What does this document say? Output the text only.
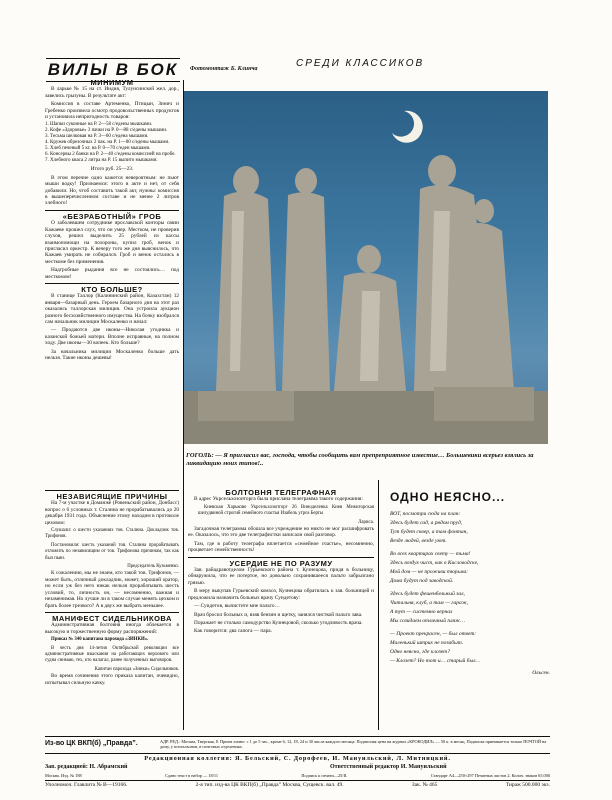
ВИЛЫ В БОК Фотомонтаж Б. Клинча	СРЕДИ КЛАССИКОВ
МИНИМУМ

В ларьке № 15 на ст. Индия, Тулунсинской жел. дор., завелись грызуны. В результате акт:

Комиссия в составе Артеменко, Птицын, Зинич и Гребенко произвела осмотр продовольственных продуктов и установила непригодность товаров:

1. Шапки суконные на Р. 2—58 с/едены мышками.
2. Кофе «Здоровье» 3 пачки на Р. 0—88 с/едены мышами.
3. Тесьма шелковая на Р. 3—60 с/едена мышами.
4. Кружев обрезочных 2 пак. на Р. 1—00 с/едены мышами.
5. Хлеб печеный 5 кг. на Р. 0—70 с/еден мышами.
6. Консервы 2 банки на Р. 2—40 с/едены комиссией на пробе.
7. Хлебного кваса 2 литра на Р. 15 выпито мышками.
Итого руб. 25—23.

В этом перечне одно кажется невероятным: не пьют мыши водку! Признаемся: этого в акте и нет, от себя добавили. Но, чтоб составить такой акт, нужны: комиссия в вышеперечисленном составе и не менее 2 литров хлебного!

«БЕЗРАБОТНЫЙ» ГРОБ

О заболевшем сотруднике ярославской конторы связи Кажаеве прошел слух, что он умер. Местком, не проверив слухов, решил выделить 25 рублей из кассы взаимопомощи на похороны, купил гроб, венок и пригласил оркестр. К вечеру того же дня выяснилось, что Кажаев умирать не собирался. Гроб и венок остались в месткоме без применения.

Надгробные рыдания все не состоялись… под месткомом!

КТО БОЛЬШЕ?

В станице Таллор (Калининский район, Казахстан) 12 января—базарный день. Героем базарного дня на этот раз оказались таллорская милиция. Она устроила аукцион разного бесхозяйственного имущества. На бочку взобрался сам начальник милиции Москаленко и начал:

— Продаются две иконы—Николая угодника и казанской божьей матери. Вполне исправные, на полном ходу. Две иконы—30 копеек. Кто больше?

За начальника милиции Москаленко больше дать нельзя. Такие иконы дешевы!

ГОГОЛЬ: — Я пригласил вас, господа, чтобы сообщить вам препреприятное известие… Большевики всерьез взялись за ликвидацию моих типов!..
НЕЗАВИСЯЩИЕ ПРИЧИНЫ

На 7-м участке в Доманже (Ровеньский район, Донбасс) вопрос о 6 условных т. Сталина не прорабатывались до 20 декабря 1931 года. Объяснение этому находим в протоколе цеховом:

Слушали: о шести указаниях тов. Сталина. Докладчик тов. Трифонов.

Постановили: шесть указаний тов. Сталина прорабатывать отложить по независящим от тов. Трифонова причинам, так как был пьян.

Председатель Кузьменко.

К сожалению, мы не знаем, кто такой тов. Трифонов, — может быть, отличный докладчик, может, хороший оратор, но если уж без него никак нельзя прорабатывать шесть условий, то, личность он, — несомненно, важная и незаменимая. Но лучше ли в таком случае менять цехком и брать более трезвого? А в двух же выбрать меньшее.

МАНИФЕСТ СИДЕЛЬНИКОВА

Административная болтовня иногда облекается в высокую и торжественную форму распоряжений:

Приказ № 340 капитана парохода «ЗИНКИ».

В честь дня 14-летия Октябрьской революции все административные взыскания на работающих верхового или судна снимаю, тех, кто налагал, ранее полученных выговоров.

Капитан парохода «Зинки» Сидельников.

Во время сочинения этого приказа капитан, очевидно, испытывал сильную качку.

БОЛТОВНЯ ТЕЛЕГРАФНАЯ

В адрес Укрсельхозопторга была прислана телеграмма такого содержания:

Киевская Харьково Укрсельхозопторг 26 Виноделенка Киев Межигорская шелудвиной строгий семейного счастья Изабель угроз Берты

Лариса.

Загадочная телеграмма обошла все учреждение но никто не мог расшифровать ее. Оказалось, что это две телеграфистки записали свой разговор.

Там, где в работу телеграфа вплетается «семейное счастье», несомненно, процветает семейственность!

УСЕРДИЕ НЕ ПО РАЗУМУ

Зав. райадравотделом Гурьевского района т. Кузнецова, придя в больницу, обнаружила, что ее потертое, но довольно сохранившееся пальто забрызгано грязью.

В меру выкупав Гурьевский комхоз, Кузнецова обратилась к зав. больницей и предложила назначить больных врачу Сундетову:

— Суидетов, вычистите мне пальто…

Врач бросил больных и, взяв бензин и щетку, занялся чисткой пальто зава.

Поражает не столько самодурство Кузнецовой, сколько угодливость врача.

Как говорится: два сапога — пара.

ОДНО НЕЯСНО...
ВОТ, посмотри сюда на план:
Здесь будет сад, а рядом пруд,
Тут будет сквер, а там фонтан,
Везде людей, везде уют.
Во всех квартирах свету — тьма!
Здесь воздух чист, как в Кисловодске,
Мой дом — не проживи тюрьма:
Дома будут под заводской.
Здесь будет фешенбельный зал,
Читальня, клуб, а там — гараж,
А тут — системно вернал
Мы созидаем отличный пляж…
— Проект прекрасен, — был ответ:
Маленький штрих не позабыт.
Одно неясно, где клозет?
— Клозет? Но тот и… старый был…
Ольсен.
Из-во ЦК ВКП(б) „Правда”.	АДР. РЕД.: Москва, Тверская, 8. Прием лично: с 1 до 5 час., кроме 6, 12, 18, 24 и 30 числа каждого месяца. Подписная цена на журнал «КРОКОДИЛ» — 50 к. в месяц. Подписка принимается только ПОЧТОЙ на дому, у почтальонов, в почтовых отделениях.
Редакционная коллегия: Я. Бельский, С. Дорофеев, И. Мануильский, Л. Митницкий.
Зав. редакцией: Н. Абрамский	Ответственный редактор И. Мануильский
Москва. Изд. № 188	Сдано текст в набор — 18/11	Подпись к печати—25/II.	Стандарт А4—250×297 Печатных листов 2. Колич. знаков 65.000
Уполномоч. Главлита № В—19166.	2-я тип. изд-ва ЦК ВКП(б) „Правда” Москва, Сущевск. вал. 49.	Зак. № 465	Тираж 500.000 экз.
